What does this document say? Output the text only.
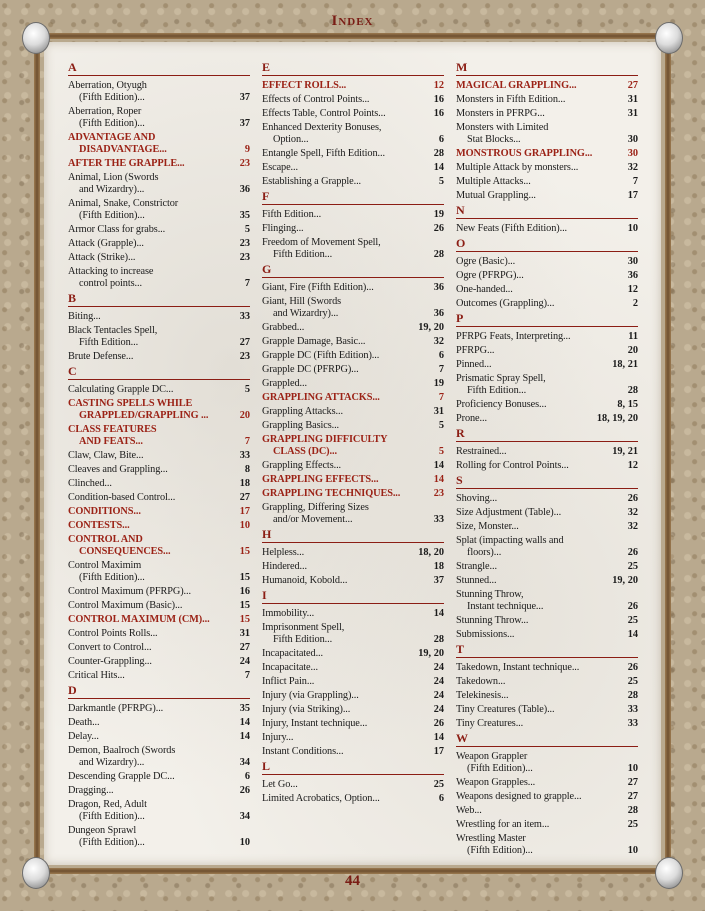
Index
A
Aberration, Otyugh
(Fifth Edition)...	37
Aberration, Roper
(Fifth Edition)...	37
ADVANTAGE AND
DISADVANTAGE...	9
AFTER THE GRAPPLE...	23
Animal, Lion (Swords
and Wizardry)...	36
Animal, Snake, Constrictor
(Fifth Edition)...	35
Armor Class for grabs...	5
Attack (Grapple)...	23
Attack (Strike)...	23
Attacking to increase
control points...	7
B
Biting...	33
Black Tentacles Spell,
Fifth Edition...	27
Brute Defense...	23
C
Calculating Grapple DC...	5
CASTING SPELLS WHILE
GRAPPLED/GRAPPLING ...	20
CLASS FEATURES
AND FEATS...	7
Claw, Claw, Bite...	33
Cleaves and Grappling...	8
Clinched...	18
Condition-based Control...	27
CONDITIONS...	17
CONTESTS...	10
CONTROL AND
CONSEQUENCES...	15
Control Maximim
(Fifth Edition)...	15
Control Maximum (PFRPG)...	16
Control Maximum (Basic)...	15
CONTROL MAXIMUM (CM)...	15
Control Points Rolls...	31
Convert to Control...	27
Counter-Grappling...	24
Critical Hits...	7
D
Darkmantle (PFRPG)...	35
Death...	14
Delay...	14
Demon, Baalroch (Swords
and Wizardry)...	34
Descending Grapple DC...	6
Dragging...	26
Dragon, Red, Adult
(Fifth Edition)...	34
Dungeon Sprawl
(Fifth Edition)...	10
E
EFFECT ROLLS...	12
Effects of Control Points...	16
Effects Table, Control Points...	16
Enhanced Dexterity Bonuses,
Option...	6
Entangle Spell, Fifth Edition...	28
Escape...	14
Establishing a Grapple...	5
F
Fifth Edition...	19
Flinging...	26
Freedom of Movement Spell,
Fifth Edition...	28
G
Giant, Fire (Fifth Edition)...	36
Giant, Hill (Swords
and Wizardry)...	36
Grabbed...	19, 20
Grapple Damage, Basic...	32
Grapple DC (Fifth Edition)...	6
Grapple DC (PFRPG)...	7
Grappled...	19
GRAPPLING ATTACKS...	7
Grappling Attacks...	31
Grappling Basics...	5
GRAPPLING DIFFICULTY
CLASS (DC)...	5
Grappling Effects...	14
GRAPPLING EFFECTS...	14
GRAPPLING TECHNIQUES...	23
Grappling, Differing Sizes
and/or Movement...	33
H
Helpless...	18, 20
Hindered...	18
Humanoid, Kobold...	37
I
Immobility...	14
Imprisonment Spell,
Fifth Edition...	28
Incapacitated...	19, 20
Incapacitate...	24
Inflict Pain...	24
Injury (via Grappling)...	24
Injury (via Striking)...	24
Injury, Instant technique...	26
Injury...	14
Instant Conditions...	17
L
Let Go...	25
Limited Acrobatics, Option...	6
M
MAGICAL GRAPPLING...	27
Monsters in Fifth Edition...	31
Monsters in PFRPG...	31
Monsters with Limited
Stat Blocks...	30
MONSTROUS GRAPPLING...	30
Multiple Attack by monsters...	32
Multiple Attacks...	7
Mutual Grappling...	17
N
New Feats (Fifth Edition)...	10
O
Ogre (Basic)...	30
Ogre (PFRPG)...	36
One-handed...	12
Outcomes (Grappling)...	2
P
PFRPG Feats, Interpreting...	11
PFRPG...	20
Pinned...	18, 21
Prismatic Spray Spell,
Fifth Edition...	28
Proficiency Bonuses...	8, 15
Prone...	18, 19, 20
R
Restrained...	19, 21
Rolling for Control Points...	12
S
Shoving...	26
Size Adjustment (Table)...	32
Size, Monster...	32
Splat (impacting walls and
floors)...	26
Strangle...	25
Stunned...	19, 20
Stunning Throw,
Instant technique...	26
Stunning Throw...	25
Submissions...	14
T
Takedown, Instant technique...	26
Takedown...	25
Telekinesis...	28
Tiny Creatures (Table)...	33
Tiny Creatures...	33
W
Weapon Grappler
(Fifth Edition)...	10
Weapon Grapples...	27
Weapons designed to grapple...	27
Web...	28
Wrestling for an item...	25
Wrestling Master
(Fifth Edition)...	10
44
